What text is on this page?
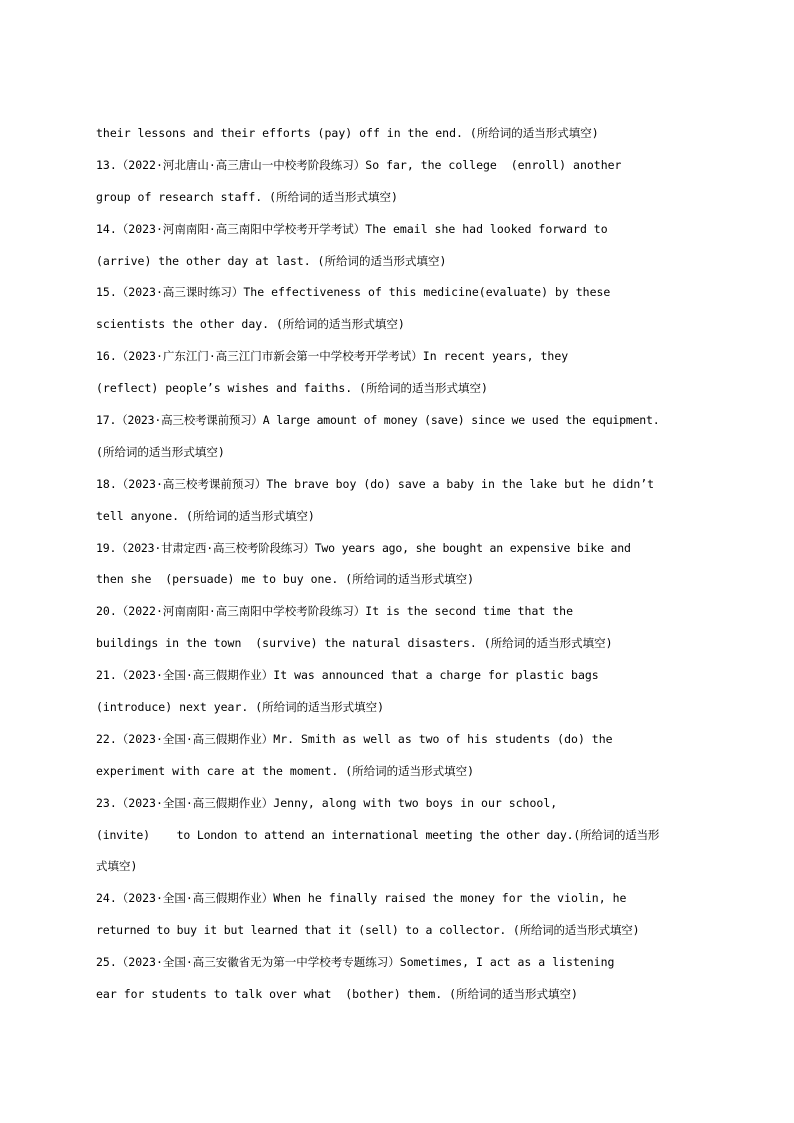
their lessons and their efforts (pay) off in the end. (所给词的适当形式填空)
13.（2022·河北唐山·高三唐山一中校考阶段练习）So far, the college  (enroll) another
group of research staff. (所给词的适当形式填空)
14.（2023·河南南阳·高三南阳中学校考开学考试）The email she had looked forward to
(arrive) the other day at last. (所给词的适当形式填空)
15.（2023·高三课时练习）The effectiveness of this medicine(evaluate) by these
scientists the other day. (所给词的适当形式填空)
16.（2023·广东江门·高三江门市新会第一中学校考开学考试）In recent years, they
(reflect) people’s wishes and faiths. (所给词的适当形式填空)
17.（2023·高三校考课前预习）A large amount of money (save) since we used the equipment.
(所给词的适当形式填空)
18.（2023·高三校考课前预习）The brave boy (do) save a baby in the lake but he didn’t
tell anyone. (所给词的适当形式填空)
19.（2023·甘肃定西·高三校考阶段练习）Two years ago, she bought an expensive bike and
then she  (persuade) me to buy one. (所给词的适当形式填空)
20.（2022·河南南阳·高三南阳中学校考阶段练习）It is the second time that the
buildings in the town  (survive) the natural disasters. (所给词的适当形式填空)
21.（2023·全国·高三假期作业）It was announced that a charge for plastic bags
(introduce) next year. (所给词的适当形式填空)
22.（2023·全国·高三假期作业）Mr. Smith as well as two of his students (do) the
experiment with care at the moment. (所给词的适当形式填空)
23.（2023·全国·高三假期作业）Jenny, along with two boys in our school,
(invite)    to London to attend an international meeting the other day.(所给词的适当形
式填空)
24.（2023·全国·高三假期作业）When he finally raised the money for the violin, he
returned to buy it but learned that it (sell) to a collector. (所给词的适当形式填空)
25.（2023·全国·高三安徽省无为第一中学校考专题练习）Sometimes, I act as a listening
ear for students to talk over what  (bother) them. (所给词的适当形式填空)
